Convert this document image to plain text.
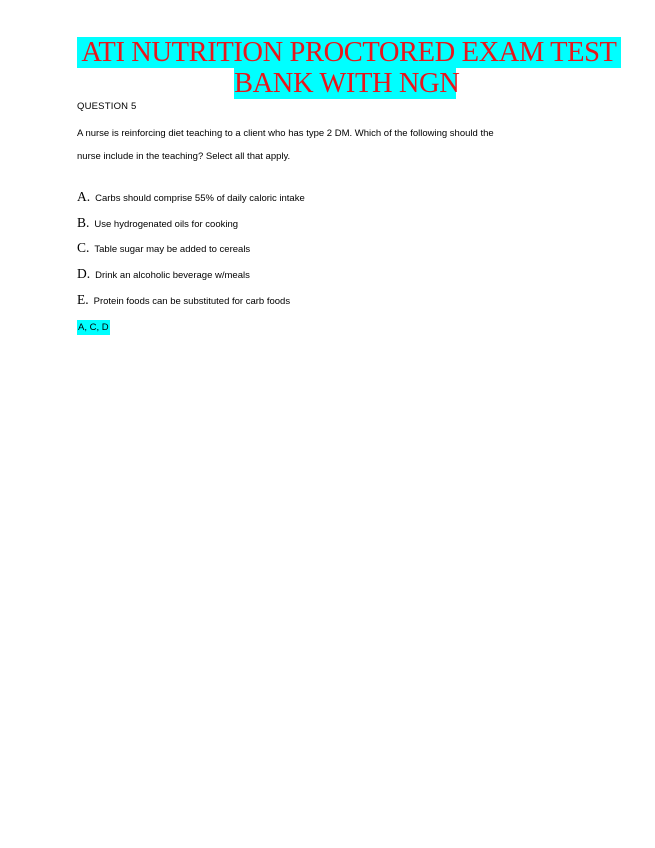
ATI NUTRITION PROCTORED EXAM TEST
BANK WITH NGN
QUESTION 5
A nurse is reinforcing diet teaching to a client who has type 2 DM. Which of the following should the
nurse include in the teaching? Select all that apply.
A. Carbs should comprise 55% of daily caloric intake
B. Use hydrogenated oils for cooking
C. Table sugar may be added to cereals
D. Drink an alcoholic beverage w/meals
E. Protein foods can be substituted for carb foods
A, C, D
